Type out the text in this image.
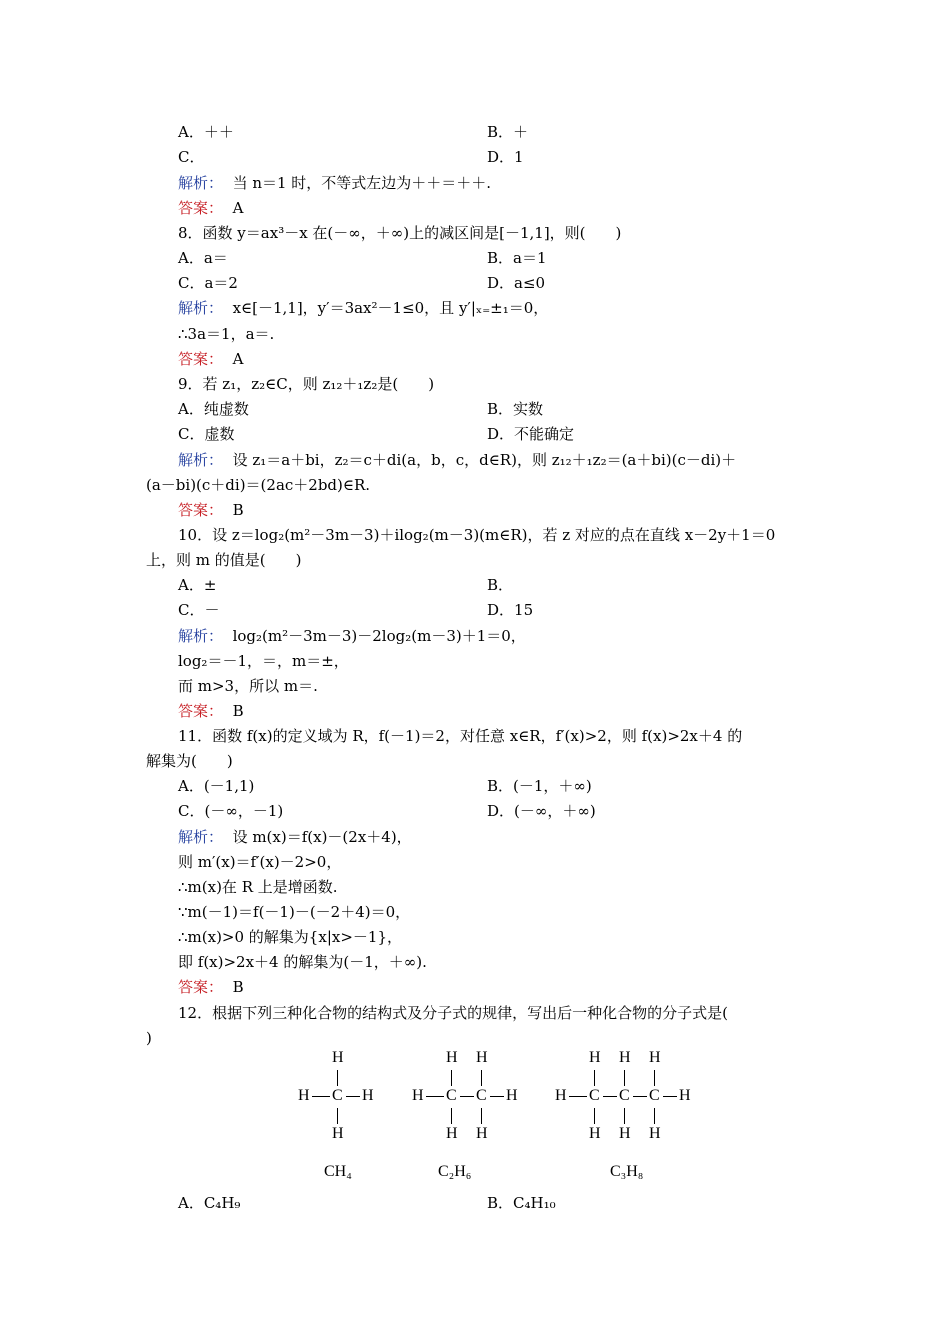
A．＋＋	B．＋
C．	D．1
解析： 当 n＝1 时，不等式左边为＋＋＝＋＋.
答案： A
8．函数 y＝ax³－x 在(－∞，＋∞)上的减区间是[－1,1]，则(　　)
A．a＝	B．a＝1
C．a＝2	D．a≤0
解析： x∈[－1,1]，y′＝3ax²－1≤0，且 y′|ₓ₌±₁＝0，
∴3a＝1，a＝.
答案： A
9．若 z₁，z₂∈C，则 z₁₂＋₁z₂是(　　)
A．纯虚数	B．实数
C．虚数	D．不能确定
解析： 设 z₁＝a＋bi，z₂＝c＋di(a，b，c，d∈R)，则 z₁₂＋₁z₂＝(a＋bi)(c－di)＋
(a－bi)(c＋di)＝(2ac＋2bd)∈R.
答案： B
10．设 z＝log₂(m²－3m－3)＋ilog₂(m－3)(m∈R)，若 z 对应的点在直线 x－2y＋1＝0
上，则 m 的值是(　　)
A．±	B．
C．－	D．15
解析： log₂(m²－3m－3)－2log₂(m－3)＋1＝0，
log₂＝－1，＝，m＝±，
而 m>3，所以 m＝.
答案： B
11．函数 f(x)的定义域为 R，f(－1)＝2，对任意 x∈R，f′(x)>2，则 f(x)>2x＋4 的
解集为(　　)
A．(－1,1)	B．(－1，＋∞)
C．(－∞，－1)	D．(－∞，＋∞)
解析： 设 m(x)＝f(x)－(2x＋4)，
则 m′(x)＝f′(x)－2>0，
∴m(x)在 R 上是增函数.
∵m(－1)＝f(－1)－(－2＋4)＝0，
∴m(x)>0 的解集为{x|x>－1}，
即 f(x)>2x＋4 的解集为(－1，＋∞).
答案： B
12．根据下列三种化合物的结构式及分子式的规律，写出后一种化合物的分子式是(
)
H C
H
H
H H C
H
H
C
H
H
H H C
H
H
C
H
H
C
H
H
H
CH₄	C₂H₆	C₃H₈
A．C₄H₉	B．C₄H₁₀
